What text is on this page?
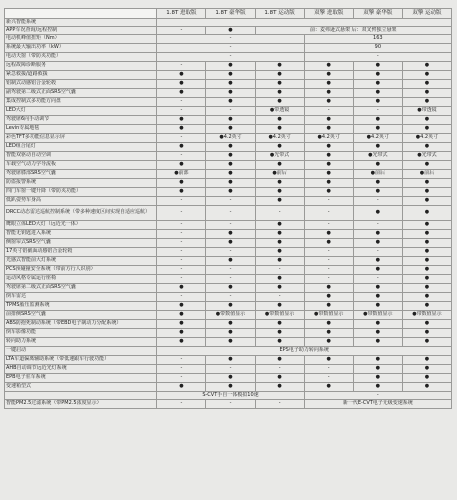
	1.8T 进取版	1.8T 豪华版	1.8T 运动版	双擎 进取版	双擎 豪华版	双擎 运动版
新兴智能系统						
APP车况查询/远程控制	-	●	前：麦弗逊式悬架 后：双叉臂独立悬架			
电动机峰值扭矩（Nm）	-			163		
系统最大输出功率（kW）	-			90		
电动天窗（带防夹功能）	-			-		
远程故障诊断服务	-	●	●	●	●	●
紧急救援/道路救援	●	●	●	●	●	●
铝制式动感铝合金轮毂	●	●	●	●	●	●
副驾驶第二级式正面SRS空气囊	●	●	●	●	●	●
集成控制式多功能方向盘	-	●	●	●	●	●
LED大灯	-	-	●带透镜	-	-	●带透镜
驾驶席6向手动调节	●	●	●	●	●	●
Levin专属地毯	●	●	●	●	●	●
彩色TFT多功能信息显示屏	-	●4.2英寸	●4.2英寸	●4.2英寸	●4.2英寸	●4.2英寸
LED组合尾灯	●	●	●	●	●	●
智能双驱动自动空调	-	●	●光带式	●	●光带式	●光带式
车载空气动力学导流板	●	●	●	●	●	●
驾驶席膝部SRS空气囊	●前部	●	●前后	●	●前后	●前后
防盗报警系统	●	●	●	●	●	●
四门车窗一键升降（带防夹功能）	●	●	●	●	●	●
低趴姿势车身高	-	-	●	-	-	●
DRCC动态雷达巡航控制系统（带多种速度区间实现自适应巡航）	-	-	-	-	●	●
鹰眼立体LED大灯（远近光一体）	-	-	●	-	-	●
智能无钥匙进入系统	-	●	●	●	●	●
侧窗帘式SRS空气囊	-	●	●	●	●	●
17英寸铝截面动感铝合金轮毂	-	-	●	-	-	●
光感式智能前大灯系统	-	●	●	-	●	●
PCS预碰撞安全系统（带前方行人识别）	-	-	-	-	●	●
运动风格专属运行座椅	-	-	●	-	-	●
驾驶席第二级式正面SRS空气囊	●	●	●	●	●	●
倒车雷达	-	-	-	●	●	●
TPMS胎压监测系统	●	●	●	●	●	●
前排侧SRS空气囊	●	●带数值显示	●带数值显示	●带数值显示	●带数值显示	●带数值显示
ABS防抱死制动系统（带EBD电子制动力分配系统）	●	●	●	●	●	●
倒车影像功能	●	●	●	●	●	●
转向助力系统	●	●	●	●	●	●
一键启动	EPS电子助力转向系统					
LTA车道偏离辅助系统（带低速跟车行驶功能）	-	●	●	●	●	●
AHB自动调节远近光灯系统	-	-	-	-	●	●
EPB电子驻车系统	-	●	●	-	●	●
变速箱型式	●	●	●	●	●	●
	S-CVT手自一体模拟10速			-		
智能PM2.5过滤系统（带PM2.5浓度显示）	-	-	-	新一代E-CVT电子无级变速系统		
